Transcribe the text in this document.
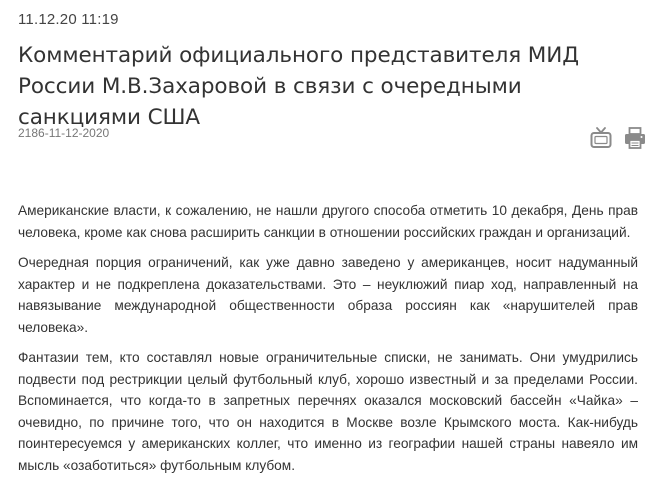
11.12.20 11:19
Комментарий официального представителя МИД России М.В.Захаровой в связи с очередными санкциями США
2186-11-12-2020

Американские власти, к сожалению, не нашли другого способа отметить 10 декабря, День прав человека, кроме как снова расширить санкции в отношении российских граждан и организаций.

Очередная порция ограничений, как уже давно заведено у американцев, носит надуманный характер и не подкреплена доказательствами. Это – неуклюжий пиар ход, направленный на навязывание международной общественности образа россиян как «нарушителей прав человека».

Фантазии тем, кто составлял новые ограничительные списки, не занимать. Они умудрились подвести под рестрикции целый футбольный клуб, хорошо известный и за пределами России. Вспоминается, что когда-то в запретных перечнях оказался московский бассейн «Чайка» – очевидно, по причине того, что он находится в Москве возле Крымского моста. Как-нибудь поинтересуемся у американских коллег, что именно из географии нашей страны навеяло им мысль «озаботиться» футбольным клубом.
